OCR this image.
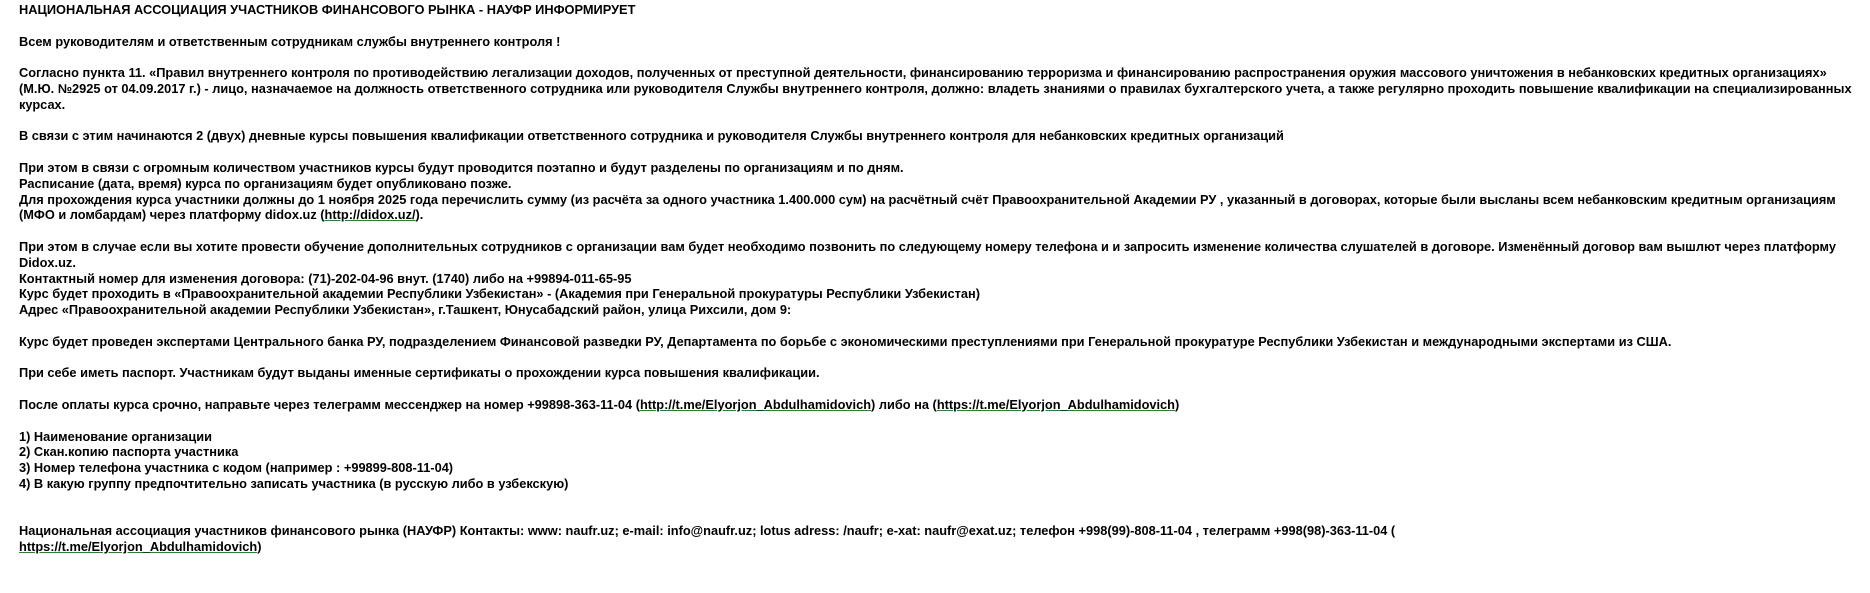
НАЦИОНАЛЬНАЯ АССОЦИАЦИЯ УЧАСТНИКОВ ФИНАНСОВОГО РЫНКА - НАУФР ИНФОРМИРУЕТ

Всем руководителям и ответственным сотрудникам службы внутреннего контроля !

Согласно пункта 11. «Правил внутреннего контроля по противодействию легализации доходов, полученных от преступной деятельности, финансированию терроризма и финансированию распространения оружия массового уничтожения в небанковских кредитных организациях» (М.Ю. №2925 от 04.09.2017 г.) - лицо, назначаемое на должность ответственного сотрудника или руководителя Службы внутреннего контроля, должно: владеть знаниями о правилах бухгалтерского учета, а также регулярно проходить повышение квалификации на специализированных курсах.

В связи с этим начинаются 2 (двух) дневные курсы повышения квалификации ответственного сотрудника и руководителя Службы внутреннего контроля для небанковских кредитных организаций

При этом в связи с огромным количеством участников курсы будут проводится поэтапно и будут разделены по организациям и по дням.

Расписание (дата, время) курса по организациям будет опубликовано позже.

Для прохождения курса участники должны до 1 ноября 2025 года перечислить сумму (из расчёта за одного участника 1.400.000 сум) на расчётный счёт Правоохранительной Академии РУ , указанный в договорах, которые были высланы всем небанковским кредитным организациям (МФО и ломбардам) через платформу didox.uz (http://didox.uz/).

При этом в случае если вы хотите провести обучение дополнительных сотрудников с организации вам будет необходимо позвонить по следующему номеру телефона и и запросить изменение количества слушателей в договоре. Изменённый договор вам вышлют через платформу Didox.uz.

Контактный номер для изменения договора: (71)-202-04-96 внут. (1740) либо на +99894-011-65-95

Курс будет проходить в «Правоохранительной академии Республики Узбекистан» - (Академия при Генеральной прокуратуры Республики Узбекистан)

Адрес «Правоохранительной академии Республики Узбекистан», г.Ташкент, Юнусабадский район, улица Рихсили, дом 9:

Курс будет проведен экспертами Центрального банка РУ, подразделением Финансовой разведки РУ, Департамента по борьбе с экономическими преступлениями при Генеральной прокуратуре Республики Узбекистан и международными экспертами из США.

При себе иметь паспорт. Участникам будут выданы именные сертификаты о прохождении курса повышения квалификации.

После оплаты курса срочно, направьте через телеграмм мессенджер на номер +99898-363-11-04 (http://t.me/Elyorjon_Abdulhamidovich) либо на (https://t.me/Elyorjon_Abdulhamidovich)

1) Наименование организации

2) Скан.копию паспорта участника

3) Номер телефона участника с кодом (например : +99899-808-11-04)

4) В какую группу предпочтительно записать участника (в русскую либо в узбекскую)

Национальная ассоциация участников финансового рынка (НАУФР) Контакты: www: naufr.uz; e-mail: info@naufr.uz; lotus adress: /naufr; e-xat: naufr@exat.uz; телефон +998(99)-808-11-04 , телеграмм +998(98)-363-11-04 (
https://t.me/Elyorjon_Abdulhamidovich)
